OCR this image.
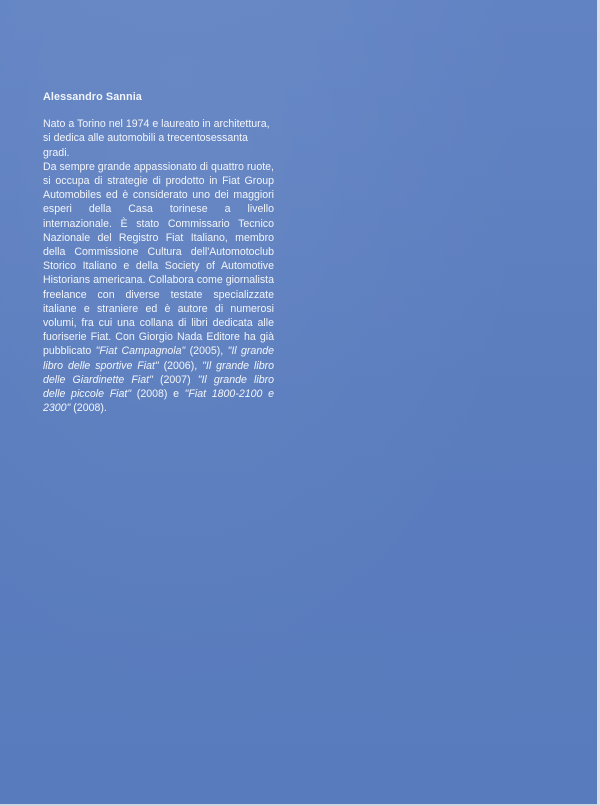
Alessandro Sannia

Nato a Torino nel 1974 e laureato in architettura, si dedica alle automobili a trecentosessanta gradi.

Da sempre grande appassionato di quattro ruote, si occupa di strategie di prodotto in Fiat Group Automobiles ed è considerato uno dei maggiori esperi della Casa torinese a livello internazionale. È stato Commissario Tecnico Nazionale del Registro Fiat Italiano, membro della Commissione Cultura dell'Automotoclub Storico Italiano e della Society of Automotive Historians americana. Collabora come giornalista freelance con diverse testate specializzate italiane e straniere ed è autore di numerosi volumi, fra cui una collana di libri dedicata alle fuoriserie Fiat. Con Giorgio Nada Editore ha già pubblicato "Fiat Campagnola" (2005), "Il grande libro delle sportive Fiat" (2006), "Il grande libro delle Giardinette Fiat" (2007) "Il grande libro delle piccole Fiat" (2008) e "Fiat 1800-2100 e 2300" (2008).
